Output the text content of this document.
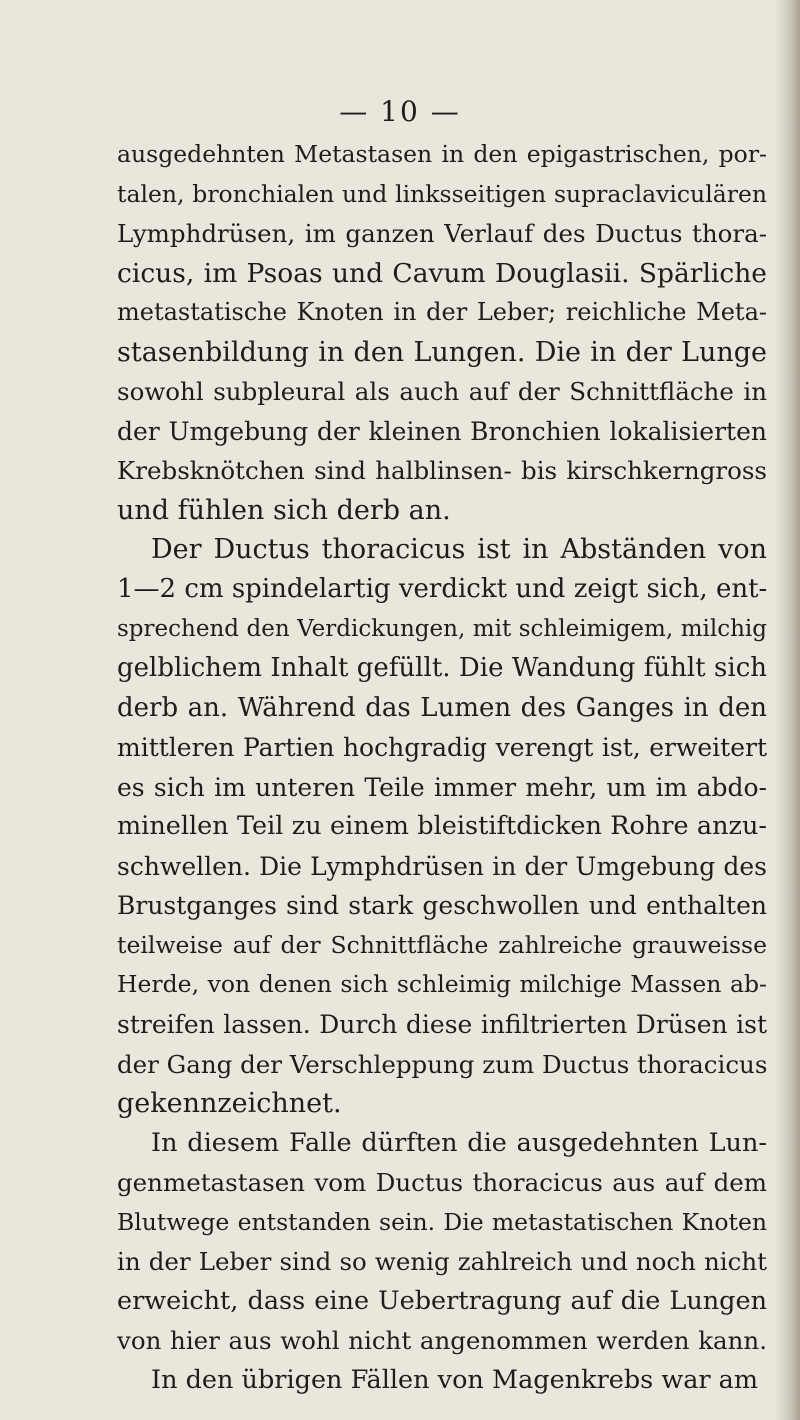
— 10 —
ausgedehnten Metastasen in den epigastrischen, por-
talen, bronchialen und linksseitigen supraclaviculären
Lymphdrüsen, im ganzen Verlauf des Ductus thora-
cicus, im Psoas und Cavum Douglasii. Spärliche
metastatische Knoten in der Leber; reichliche Meta-
stasenbildung in den Lungen. Die in der Lunge
sowohl subpleural als auch auf der Schnittfläche in
der Umgebung der kleinen Bronchien lokalisierten
Krebsknötchen sind halblinsen- bis kirschkerngross
und fühlen sich derb an.
Der Ductus thoracicus ist in Abständen von
1—2 cm spindelartig verdickt und zeigt sich, ent-
sprechend den Verdickungen, mit schleimigem, milchig
gelblichem Inhalt gefüllt. Die Wandung fühlt sich
derb an. Während das Lumen des Ganges in den
mittleren Partien hochgradig verengt ist, erweitert
es sich im unteren Teile immer mehr, um im abdo-
minellen Teil zu einem bleistiftdicken Rohre anzu-
schwellen. Die Lymphdrüsen in der Umgebung des
Brustganges sind stark geschwollen und enthalten
teilweise auf der Schnittfläche zahlreiche grauweisse
Herde, von denen sich schleimig milchige Massen ab-
streifen lassen. Durch diese infiltrierten Drüsen ist
der Gang der Verschleppung zum Ductus thoracicus
gekennzeichnet.
In diesem Falle dürften die ausgedehnten Lun-
genmetastasen vom Ductus thoracicus aus auf dem
Blutwege entstanden sein. Die metastatischen Knoten
in der Leber sind so wenig zahlreich und noch nicht
erweicht, dass eine Uebertragung auf die Lungen
von hier aus wohl nicht angenommen werden kann.
In den übrigen Fällen von Magenkrebs war am
